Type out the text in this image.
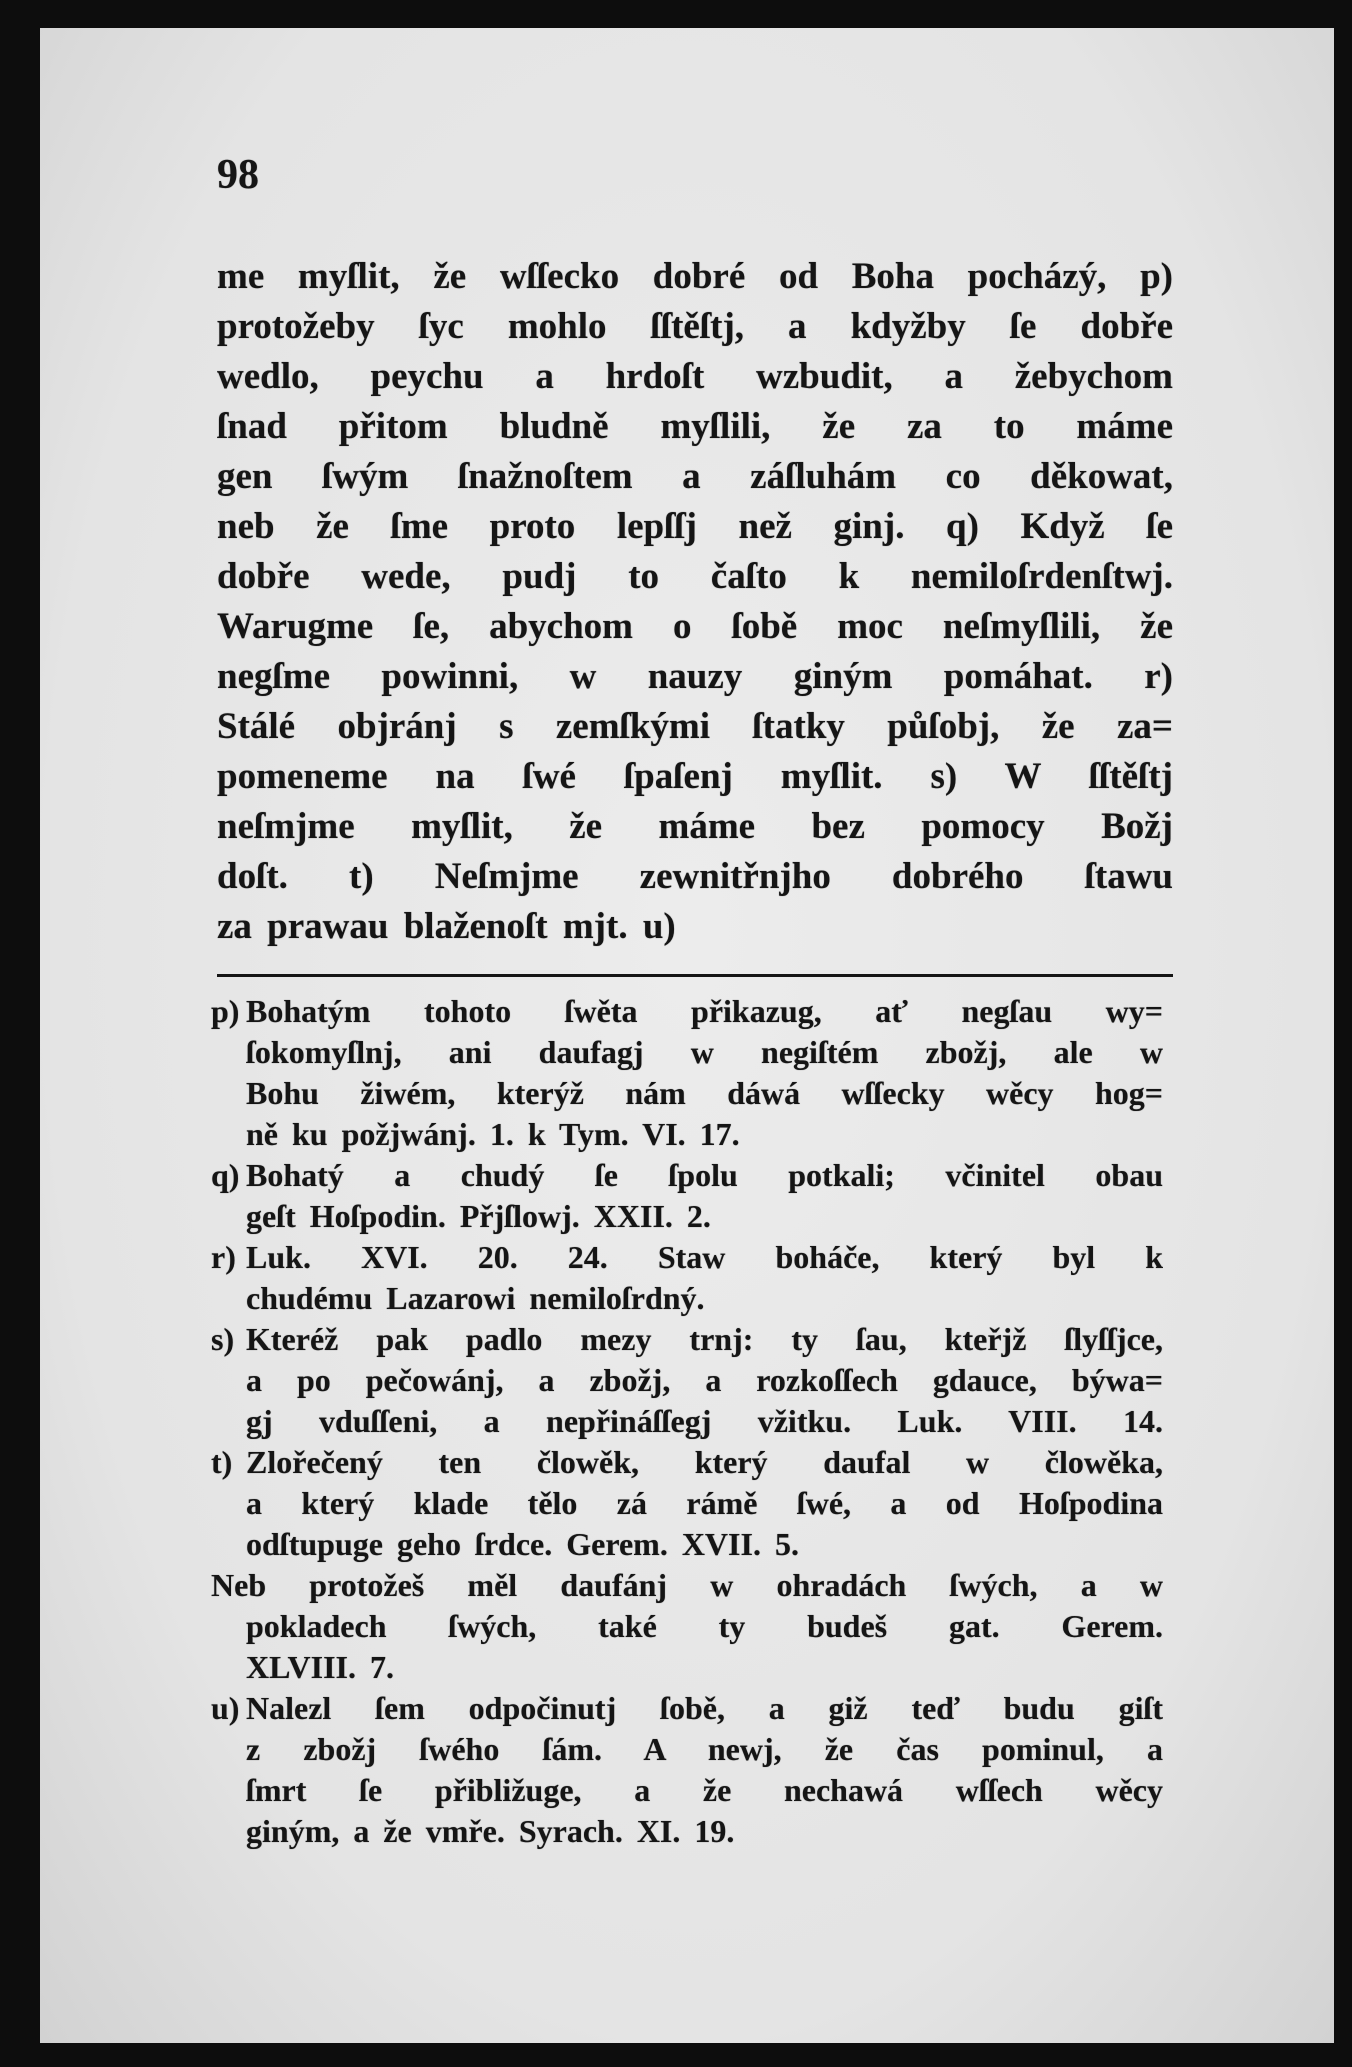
98
me myſlit, že wſſecko dobré od Boha pocházý, p)
protožeby ſyc mohlo ſſtěſtj, a kdyžby ſe dobře
wedlo, peychu a hrdoſt wzbudit, a žebychom
ſnad přitom bludně myſlili, že za to máme
gen ſwým ſnažnoſtem a záſluhám co děkowat,
neb že ſme proto lepſſj než ginj. q) Když ſe
dobře wede, pudj to čaſto k nemiloſrdenſtwj.
Warugme ſe, abychom o ſobě moc neſmyſlili, že
negſme powinni, w nauzy giným pomáhat. r)
Stálé objránj s zemſkými ſtatky půſobj, že za=
pomeneme na ſwé ſpaſenj myſlit. s) W ſſtěſtj
neſmjme myſlit, že máme bez pomocy Božj
doſt. t) Neſmjme zewnitřnjho dobrého ſtawu
za prawau blaženoſt mjt. u)
p) Bohatým tohoto ſwěta přikazug, ať negſau wy=
ſokomyſlnj, ani daufagj w negiſtém zbožj, ale w
Bohu žiwém, kterýž nám dáwá wſſecky wěcy hog=
ně ku požjwánj. 1. k Tym. VI. 17.
q) Bohatý a chudý ſe ſpolu potkali; včinitel obau
geſt Hoſpodin. Přjſlowj. XXII. 2.
r) Luk. XVI. 20. 24. Staw boháče, který byl k
chudému Lazarowi nemiloſrdný.
s) Kteréž pak padlo mezy trnj: ty ſau, kteřjž ſlyſſjce,
a po pečowánj, a zbožj, a rozkoſſech gdauce, býwa=
gj vduſſeni, a nepřináſſegj vžitku. Luk. VIII. 14.
t) Zlořečený ten člowěk, který daufal w člowěka,
a který klade tělo zá rámě ſwé, a od Hoſpodina
odſtupuge geho ſrdce. Gerem. XVII. 5.
Neb protožeš měl daufánj w ohradách ſwých, a w
pokladech ſwých, také ty budeš gat. Gerem.
XLVIII. 7.
u) Nalezl ſem odpočinutj ſobě, a giž teď budu giſt
z zbožj ſwého ſám. A newj, že čas pominul, a
ſmrt ſe přibližuge, a že nechawá wſſech wěcy
giným, a že vmře. Syrach. XI. 19.
